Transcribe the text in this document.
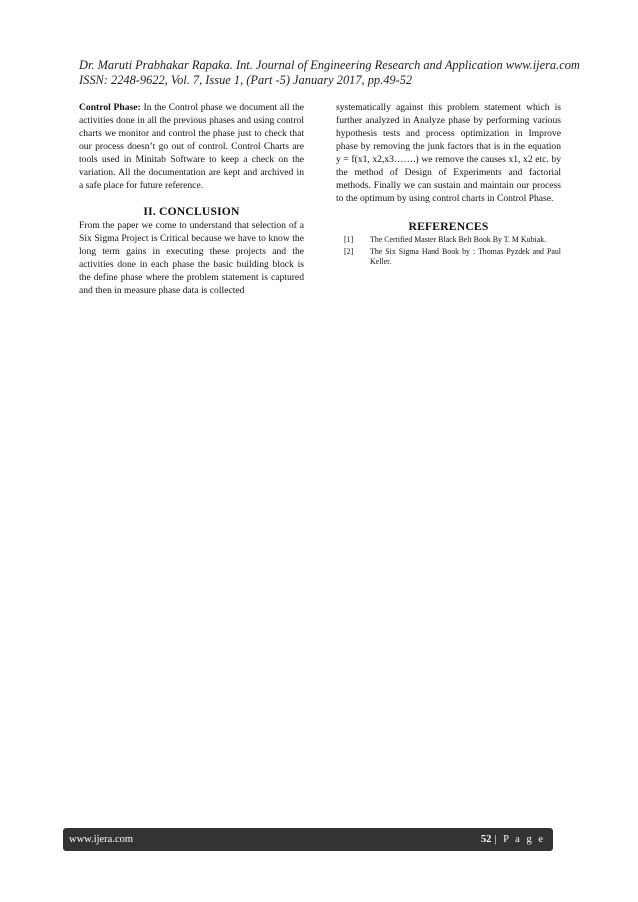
Dr. Maruti Prabhakar Rapaka. Int. Journal of Engineering Research and Application www.ijera.com
ISSN: 2248-9622, Vol. 7, Issue 1, (Part -5) January 2017, pp.49-52

Control Phase: In the Control phase we document all the activities done in all the previous phases and using control charts we monitor and control the phase just to check that our process doesn’t go out of control. Control Charts are tools used in Minitab Software to keep a check on the variation. All the documentation are kept and archived in a safe place for future reference.

II. CONCLUSION

From the paper we come to understand that selection of a Six Sigma Project is Critical because we have to know the long term gains in executing these projects and the activities done in each phase the basic building block is the define phase where the problem statement is captured and then in measure phase data is collected

systematically against this problem statement which is further analyzed in Analyze phase by performing various hypothesis tests and process optimization in Improve phase by removing the junk factors that is in the equation y = f(x1, x2,x3…….) we remove the causes x1, x2 etc. by the method of Design of Experiments and factorial methods. Finally we can sustain and maintain our process to the optimum by using control charts in Control Phase.

REFERENCES
[1]	The Certified Master Black Belt Book By T. M Kubiak.
[2]	The Six Sigma Hand Book by : Thomas Pyzdek and Paul Keller.
www.ijera.com	52 | P a g e
